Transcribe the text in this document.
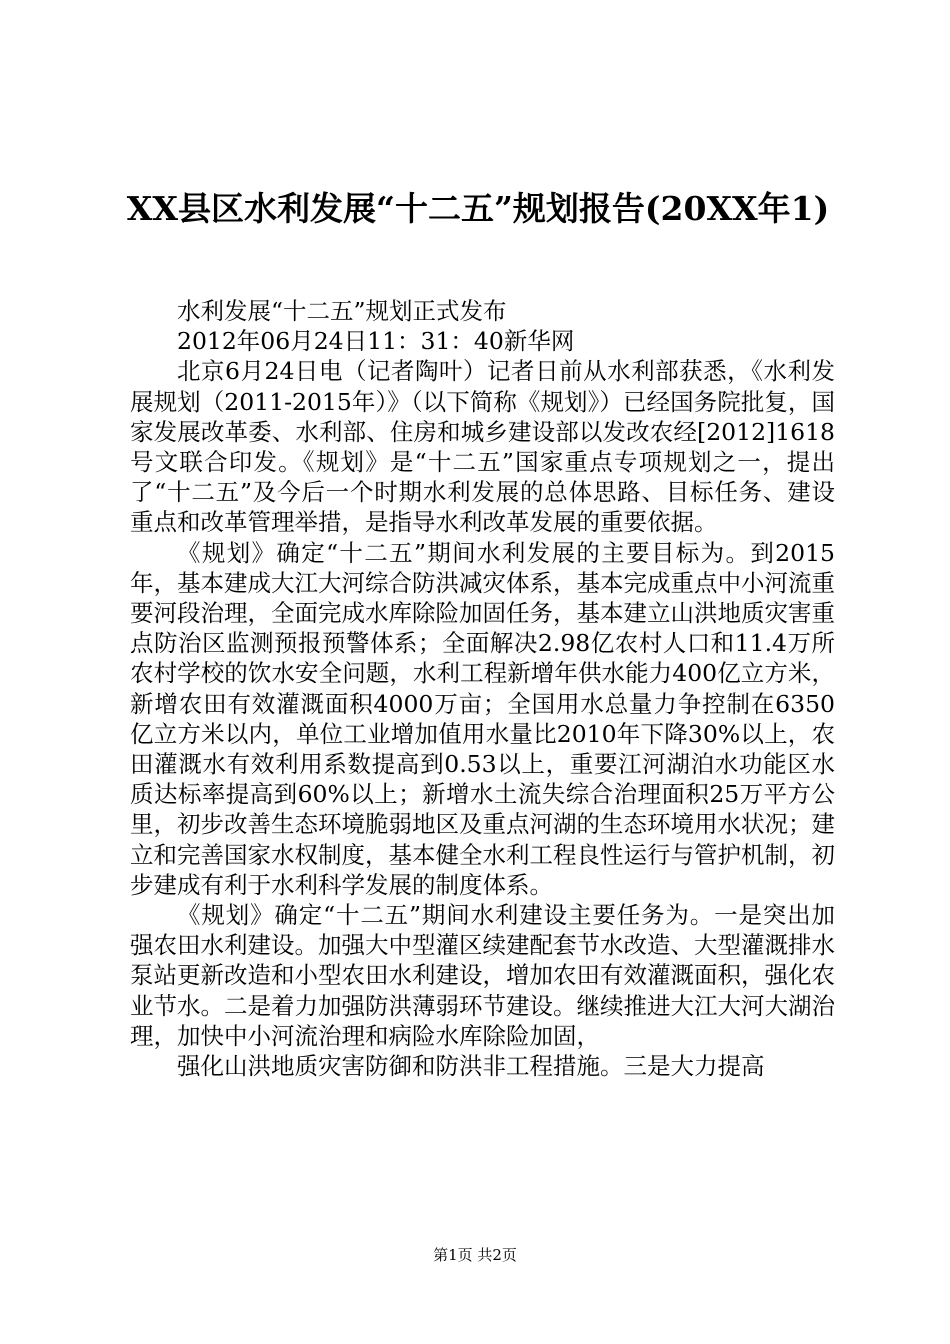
XX县区水利发展“十二五”规划报告(20XX年1)

水利发展“十二五”规划正式发布

2012年06月24日11：31：40新华网

北京6月24日电（记者陶叶）记者日前从水利部获悉，《水利发展规划（2011-2015年）》（以下简称《规划》）已经国务院批复，国家发展改革委、水利部、住房和城乡建设部以发改农经[2012]1618号文联合印发。《规划》是“十二五”国家重点专项规划之一，提出了“十二五”及今后一个时期水利发展的总体思路、目标任务、建设重点和改革管理举措，是指导水利改革发展的重要依据。

《规划》确定“十二五”期间水利发展的主要目标为。到2015年，基本建成大江大河综合防洪减灾体系，基本完成重点中小河流重要河段治理，全面完成水库除险加固任务，基本建立山洪地质灾害重点防治区监测预报预警体系；全面解决2.98亿农村人口和11.4万所农村学校的饮水安全问题，水利工程新增年供水能力400亿立方米，新增农田有效灌溉面积4000万亩；全国用水总量力争控制在6350亿立方米以内，单位工业增加值用水量比2010年下降30%以上，农田灌溉水有效利用系数提高到0.53以上，重要江河湖泊水功能区水质达标率提高到60%以上；新增水土流失综合治理面积25万平方公里，初步改善生态环境脆弱地区及重点河湖的生态环境用水状况；建立和完善国家水权制度，基本健全水利工程良性运行与管护机制，初步建成有利于水利科学发展的制度体系。

《规划》确定“十二五”期间水利建设主要任务为。一是突出加强农田水利建设。加强大中型灌区续建配套节水改造、大型灌溉排水泵站更新改造和小型农田水利建设，增加农田有效灌溉面积，强化农业节水。二是着力加强防洪薄弱环节建设。继续推进大江大河大湖治理，加快中小河流治理和病险水库除险加固，

强化山洪地质灾害防御和防洪非工程措施。三是大力提高

第1页 共2页
